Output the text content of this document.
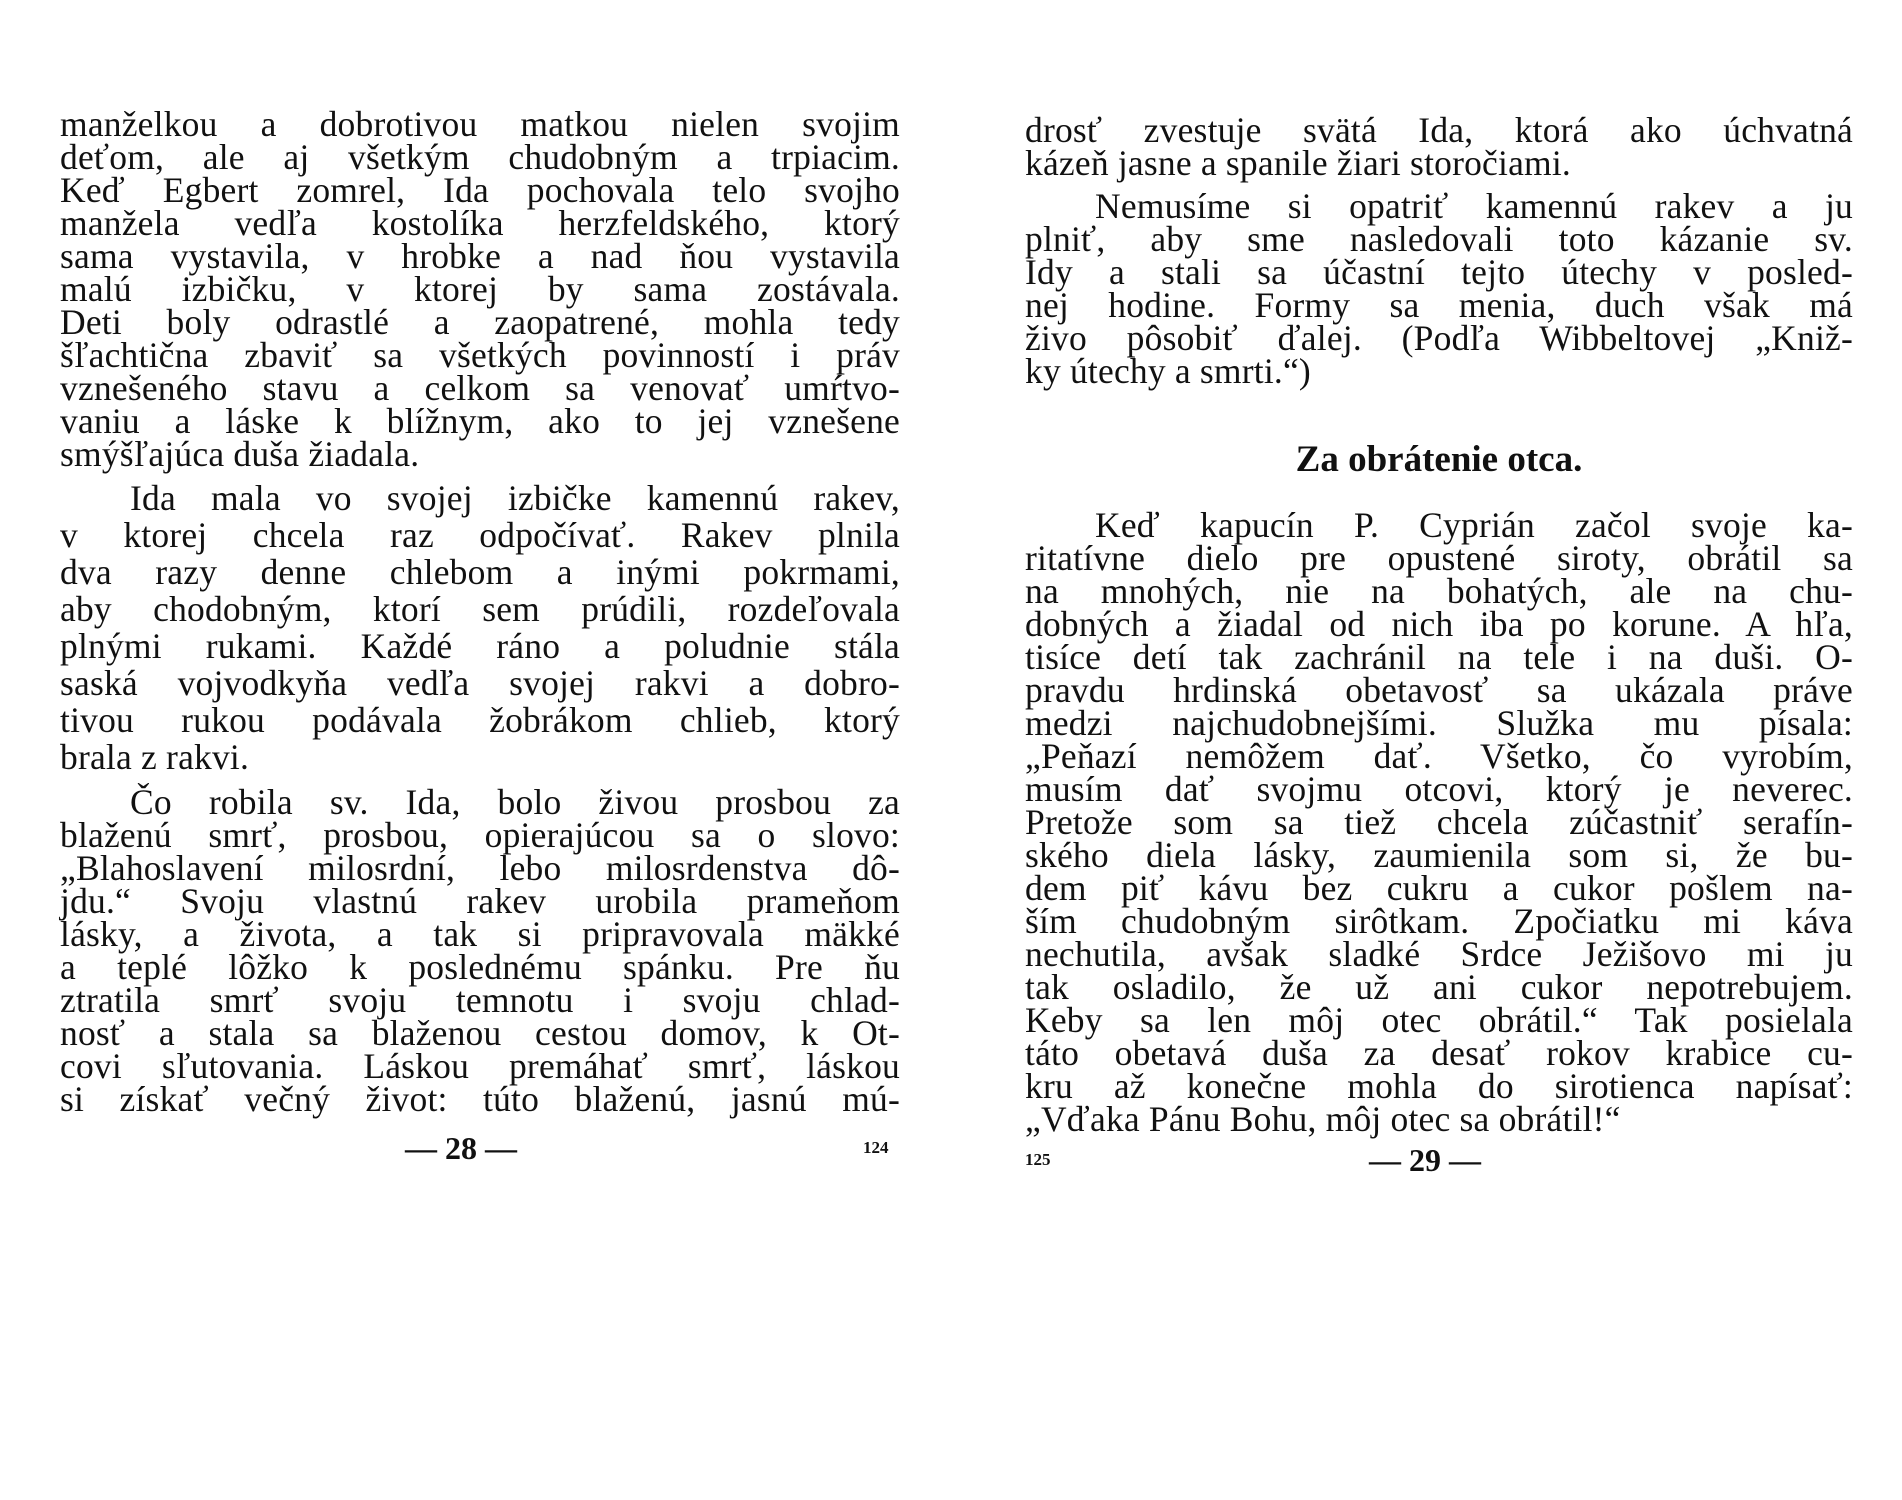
manželkou a dobrotivou matkou nielen svojim
deťom, ale aj všetkým chudobným a trpiacim.
Keď Egbert zomrel, Ida pochovala telo svojho
manžela vedľa kostolíka herzfeldského, ktorý
sama vystavila, v hrobke a nad ňou vystavila
malú izbičku, v ktorej by sama zostávala.
Deti boly odrastlé a zaopatrené, mohla tedy
šľachtična zbaviť sa všetkých povinností i práv
vznešeného stavu a celkom sa venovať umŕtvo-
vaniu a láske k blížnym, ako to jej vznešene
smýšľajúca duša žiadala.
Ida mala vo svojej izbičke kamennú rakev,
v ktorej chcela raz odpočívať. Rakev plnila
dva razy denne chlebom a inými pokrmami,
aby chodobným, ktorí sem prúdili, rozdeľovala
plnými rukami. Každé ráno a poludnie stála
saská vojvodkyňa vedľa svojej rakvi a dobro-
tivou rukou podávala žobrákom chlieb, ktorý
brala z rakvi.
Čo robila sv. Ida, bolo živou prosbou za
blaženú smrť, prosbou, opierajúcou sa o slovo:
„Blahoslavení milosrdní, lebo milosrdenstva dô-
jdu.“ Svoju vlastnú rakev urobila prameňom
lásky, a života, a tak si pripravovala mäkké
a teplé lôžko k poslednému spánku. Pre ňu
ztratila smrť svoju temnotu i svoju chlad-
nosť a stala sa blaženou cestou domov, k Ot-
covi sľutovania. Láskou premáhať smrť, láskou
si získať večný život: túto blaženú, jasnú mú-
— 28 —	124
drosť zvestuje svätá Ida, ktorá ako úchvatná
kázeň jasne a spanile žiari storočiami.
Nemusíme si opatriť kamennú rakev a ju
plniť, aby sme nasledovali toto kázanie sv.
Idy a stali sa účastní tejto útechy v posled-
nej hodine. Formy sa menia, duch však má
živo pôsobiť ďalej. (Podľa Wibbeltovej „Kniž-
ky útechy a smrti.“)
Za obrátenie otca.
Keď kapucín P. Cyprián začol svoje ka-
ritatívne dielo pre opustené siroty, obrátil sa
na mnohých, nie na bohatých, ale na chu-
dobných a žiadal od nich iba po korune. A hľa,
tisíce detí tak zachránil na tele i na duši. O-
pravdu hrdinská obetavosť sa ukázala práve
medzi najchudobnejšími. Služka mu písala:
„Peňazí nemôžem dať. Všetko, čo vyrobím,
musím dať svojmu otcovi, ktorý je neverec.
Pretože som sa tiež chcela zúčastniť serafín-
ského diela lásky, zaumienila som si, že bu-
dem piť kávu bez cukru a cukor pošlem na-
ším chudobným sirôtkam. Zpočiatku mi káva
nechutila, avšak sladké Srdce Ježišovo mi ju
tak osladilo, že už ani cukor nepotrebujem.
Keby sa len môj otec obrátil.“ Tak posielala
táto obetavá duša za desať rokov krabice cu-
kru až konečne mohla do sirotienca napísať:
„Vďaka Pánu Bohu, môj otec sa obrátil!“
125	— 29 —
